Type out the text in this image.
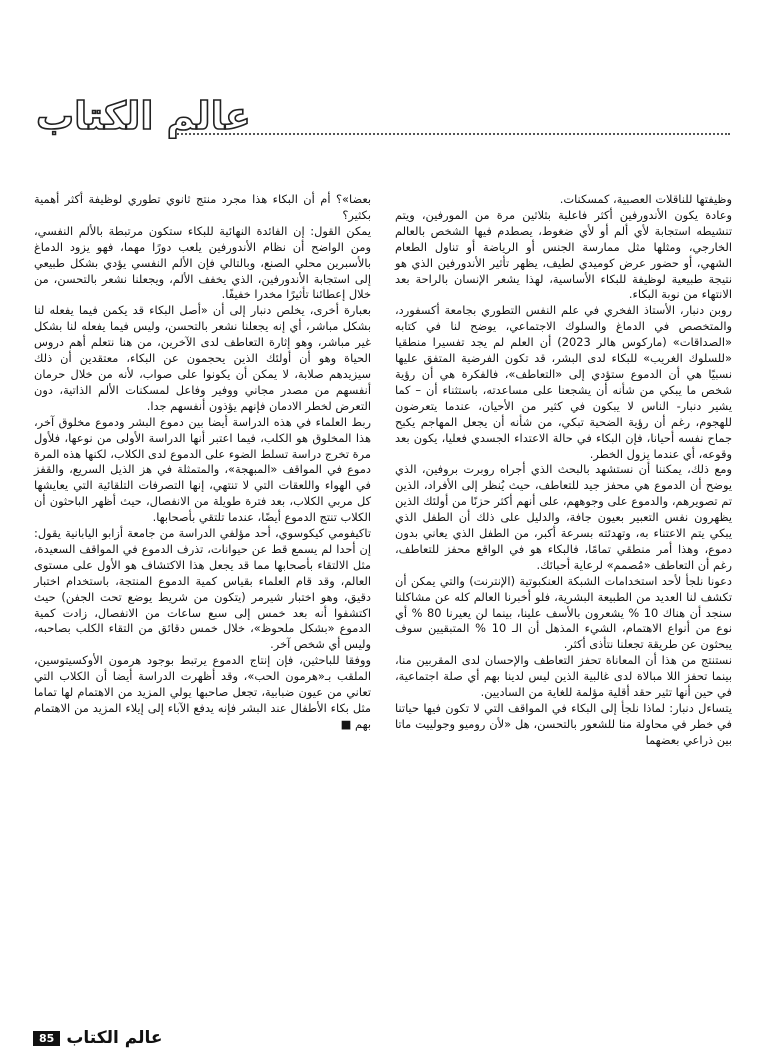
عالم الكتاب

وظيفتها للناقلات العصبية، كمسكنات.

وعادة يكون الأندورفين أكثر فاعلية بثلاثين مرة من المورفين، ويتم تنشيطه استجابة لأي ألم أو لأي ضغوط، يصطدم فيها الشخص بالعالم الخارجي، ومثلها مثل ممارسة الجنس أو الرياضة أو تناول الطعام الشهي، أو حضور عرض كوميدي لطيف، يظهر تأثير الأندورفين الذي هو نتيجة طبيعية لوظيفة للبكاء الأساسية، لهذا يشعر الإنسان بالراحة بعد الانتهاء من نوبة البكاء.

روبن دنبار، الأستاذ الفخري في علم النفس التطوري بجامعة أكسفورد، والمتخصص في الدماغ والسلوك الاجتماعي، يوضح لنا في كتابه «الصداقات» (ماركوس هالر 2023) أن العلم لم يجد تفسيرا منطقيا «للسلوك الغريب» للبكاء لدى البشر، قد تكون الفرضية المتفق عليها نسبيًا هي أن الدموع ستؤدي إلى «التعاطف»، فالفكرة هي أن رؤية شخص ما يبكي من شأنه أن يشجعنا على مساعدته، باستثناء أن – كما يشير دنبار- الناس لا يبكون في كثير من الأحيان، عندما يتعرضون للهجوم، رغم أن رؤية الضحية تبكي، من شأنه أن يجعل المهاجم يكبح جماح نفسه أحيانا، فإن البكاء في حالة الاعتداء الجسدي فعليا، يكون بعد وقوعه، أي عندما يزول الخطر.

ومع ذلك، يمكننا أن نستشهد بالبحث الذي أجراه روبرت بروفين، الذي يوضح أن الدموع هي محفز جيد للتعاطف، حيث يُنظر إلى الأفراد، الذين تم تصويرهم، والدموع على وجوههم، على أنهم أكثر حزنًا من أولئك الذين يظهرون نفس التعبير بعيون جافة، والدليل على ذلك أن الطفل الذي يبكي يتم الاعتناء به، وتهدئته بسرعة أكبر، من الطفل الذي يعاني بدون دموع، وهذا أمر منطقي تمامًا، فالبكاء هو في الواقع محفز للتعاطف، رغم أن التعاطف «مُصمم» لرعاية أحبائك.

دعونا نلجأ لأحد استخدامات الشبكة العنكبوتية (الإنترنت) والتي يمكن أن تكشف لنا العديد من الطبيعة البشرية، فلو أخبرنا العالم كله عن مشاكلنا سنجد أن هناك 10 % يشعرون بالأسف علينا، بينما لن يعيرنا 80 % أي نوع من أنواع الاهتمام، الشيء المذهل أن الـ 10 % المتبقيين سوف يبحثون عن طريقة تجعلنا نتأذى أكثر.

نستنتج من هذا أن المعاناة تحفز التعاطف والإحسان لدى المقربين منا، بينما تحفز اللا مبالاة لدى غالبية الذين ليس لدينا بهم أي صلة اجتماعية، في حين أنها تثير حقد أقلية مؤلمة للغاية من الساديين.

يتساءل دنبار: لماذا نلجأ إلى البكاء في المواقف التي لا تكون فيها حياتنا في خطر في محاولة منا للشعور بالتحسن، هل «لأن روميو وجولييت ماتا بين ذراعي بعضهما

بعضا»؟ أم أن البكاء هذا مجرد منتج ثانوي تطوري لوظيفة أكثر أهمية بكثير؟

يمكن القول: إن الفائدة النهائية للبكاء ستكون مرتبطة بالألم النفسي، ومن الواضح أن نظام الأندورفين يلعب دورًا مهما، فهو يزود الدماغ بالأسبرين محلي الصنع، وبالتالي فإن الألم النفسي يؤدي بشكل طبيعي إلى استجابة الأندورفين، الذي يخفف الألم، ويجعلنا نشعر بالتحسن، من خلال إعطائنا تأثيرًا مخدرا خفيفًا.

بعبارة أخرى، يخلص دنبار إلى أن «أصل البكاء قد يكمن فيما يفعله لنا بشكل مباشر، أي إنه يجعلنا نشعر بالتحسن، وليس فيما يفعله لنا بشكل غير مباشر، وهو إثارة التعاطف لدى الآخرين، من هنا نتعلم أهم دروس الحياة وهو أن أولئك الذين يحجمون عن البكاء، معتقدين أن ذلك سيزيدهم صلابة، لا يمكن أن يكونوا على صواب، لأنه من خلال حرمان أنفسهم من مصدر مجاني ووفير وفاعل لمسكنات الألم الذاتية، دون التعرض لخطر الادمان فإنهم يؤذون أنفسهم جدا.

ربط العلماء في هذه الدراسة أيضا بين دموع البشر ودموع مخلوق آخر، هذا المخلوق هو الكلب، فيما اعتبر أنها الدراسة الأولى من نوعها، فلأول مرة تخرج دراسة تسلط الضوء على الدموع لدى الكلاب، لكنها هذه المرة دموع في المواقف «المبهجة»، والمتمثلة في هز الذيل السريع، والقفز في الهواء واللعقات التي لا تنتهي، إنها التصرفات التلقائية التي يعايشها كل مربي الكلاب، بعد فترة طويلة من الانفصال، حيث أظهر الباحثون أن الكلاب تنتج الدموع أيضًا، عندما تلتقي بأصحابها.

تاكيفومي كيكوسوي، أحد مؤلفي الدراسة من جامعة أزابو اليابانية يقول: إن أحدا لم يسمع قط عن حيوانات، تذرف الدموع في المواقف السعيدة، مثل الالتقاء بأصحابها مما قد يجعل هذا الاكتشاف هو الأول على مستوى العالم، وقد قام العلماء بقياس كمية الدموع المنتجة، باستخدام اختبار دقيق، وهو اختبار شيرمر (يتكون من شريط يوضع تحت الجفن) حيث اكتشفوا أنه بعد خمس إلى سبع ساعات من الانفصال، زادت كمية الدموع «بشكل ملحوظ»، خلال خمس دقائق من التقاء الكلب بصاحبه، وليس أي شخص آخر.

ووفقا للباحثين، فإن إنتاج الدموع يرتبط بوجود هرمون الأوكسيتوسين، الملقب بـ«هرمون الحب»، وقد أظهرت الدراسة أيضا أن الكلاب التي تعاني من عيون ضبابية، تجعل صاحبها يولي المزيد من الاهتمام لها تماما مثل بكاء الأطفال عند البشر فإنه يدفع الآباء إلى إيلاء المزيد من الاهتمام بهم ■

85 عالم الكتاب
